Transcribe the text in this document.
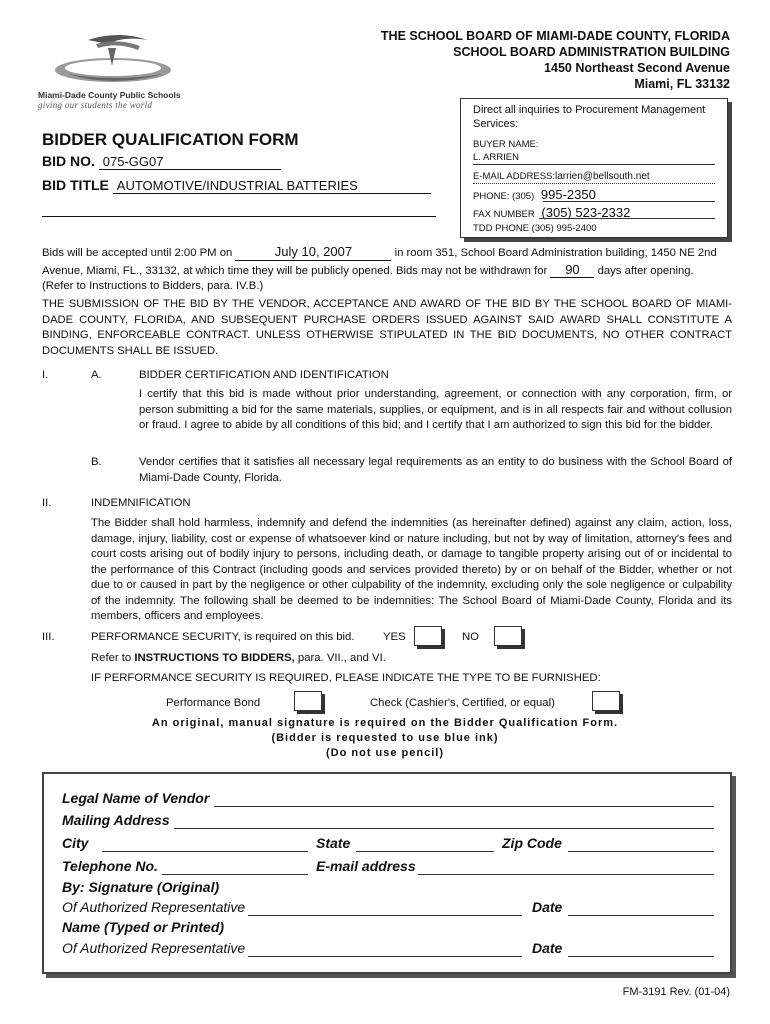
THE SCHOOL BOARD OF MIAMI-DADE COUNTY, FLORIDA
SCHOOL BOARD ADMINISTRATION BUILDING
1450 Northeast Second Avenue
Miami, FL 33132
Miami-Dade County Public Schools
giving our students the world
BIDDER QUALIFICATION FORM
BID NO. 075-GG07
BID TITLE AUTOMOTIVE/INDUSTRIAL BATTERIES
Direct all inquiries to Procurement Management Services:
BUYER NAME:
L. ARRIEN
E-MAIL ADDRESS:larrien@bellsouth.net
PHONE: (305) 995-2350
FAX NUMBER (305) 523-2332
TDD PHONE (305) 995-2400
Bids will be accepted until 2:00 PM on	July 10, 2007	in room 351, School Board Administration building, 1450 NE 2nd
Avenue, Miami, FL., 33132, at which time they will be publicly opened. Bids may not be withdrawn for 90 days after opening.
(Refer to Instructions to Bidders, para. IV.B.)
THE SUBMISSION OF THE BID BY THE VENDOR, ACCEPTANCE AND AWARD OF THE BID BY THE SCHOOL BOARD OF MIAMI-DADE COUNTY, FLORIDA, AND SUBSEQUENT PURCHASE ORDERS ISSUED AGAINST SAID AWARD SHALL CONSTITUTE A BINDING, ENFORCEABLE CONTRACT. UNLESS OTHERWISE STIPULATED IN THE BID DOCUMENTS, NO OTHER CONTRACT DOCUMENTS SHALL BE ISSUED.
I.	A.	BIDDER CERTIFICATION AND IDENTIFICATION
I certify that this bid is made without prior understanding, agreement, or connection with any corporation, firm, or person submitting a bid for the same materials, supplies, or equipment, and is in all respects fair and without collusion or fraud. I agree to abide by all conditions of this bid; and I certify that I am authorized to sign this bid for the bidder.
B.	Vendor certifies that it satisfies all necessary legal requirements as an entity to do business with the School Board of Miami-Dade County, Florida.
II.	INDEMNIFICATION
The Bidder shall hold harmless, indemnify and defend the indemnities (as hereinafter defined) against any claim, action, loss, damage, injury, liability, cost or expense of whatsoever kind or nature including, but not by way of limitation, attorney's fees and court costs arising out of bodily injury to persons, including death, or damage to tangible property arising out of or incidental to the performance of this Contract (including goods and services provided thereto) by or on behalf of the Bidder, whether or not due to or caused in part by the negligence or other culpability of the indemnity, excluding only the sole negligence or culpability of the indemnity. The following shall be deemed to be indemnities: The School Board of Miami-Dade County, Florida and its members, officers and employees.
III.	PERFORMANCE SECURITY, is required on this bid.	YES	NO
Refer to INSTRUCTIONS TO BIDDERS, para. VII., and VI.
IF PERFORMANCE SECURITY IS REQUIRED, PLEASE INDICATE THE TYPE TO BE FURNISHED:
Performance Bond	Check (Cashier's, Certified, or equal)
An original, manual signature is required on the Bidder Qualification Form.
(Bidder is requested to use blue ink)
(Do not use pencil)
Legal Name of Vendor
Mailing Address
City	State	Zip Code
Telephone No.	E-mail address
By: Signature (Original)
Of Authorized Representative	Date
Name (Typed or Printed)
Of Authorized Representative	Date
FM-3191 Rev. (01-04)
